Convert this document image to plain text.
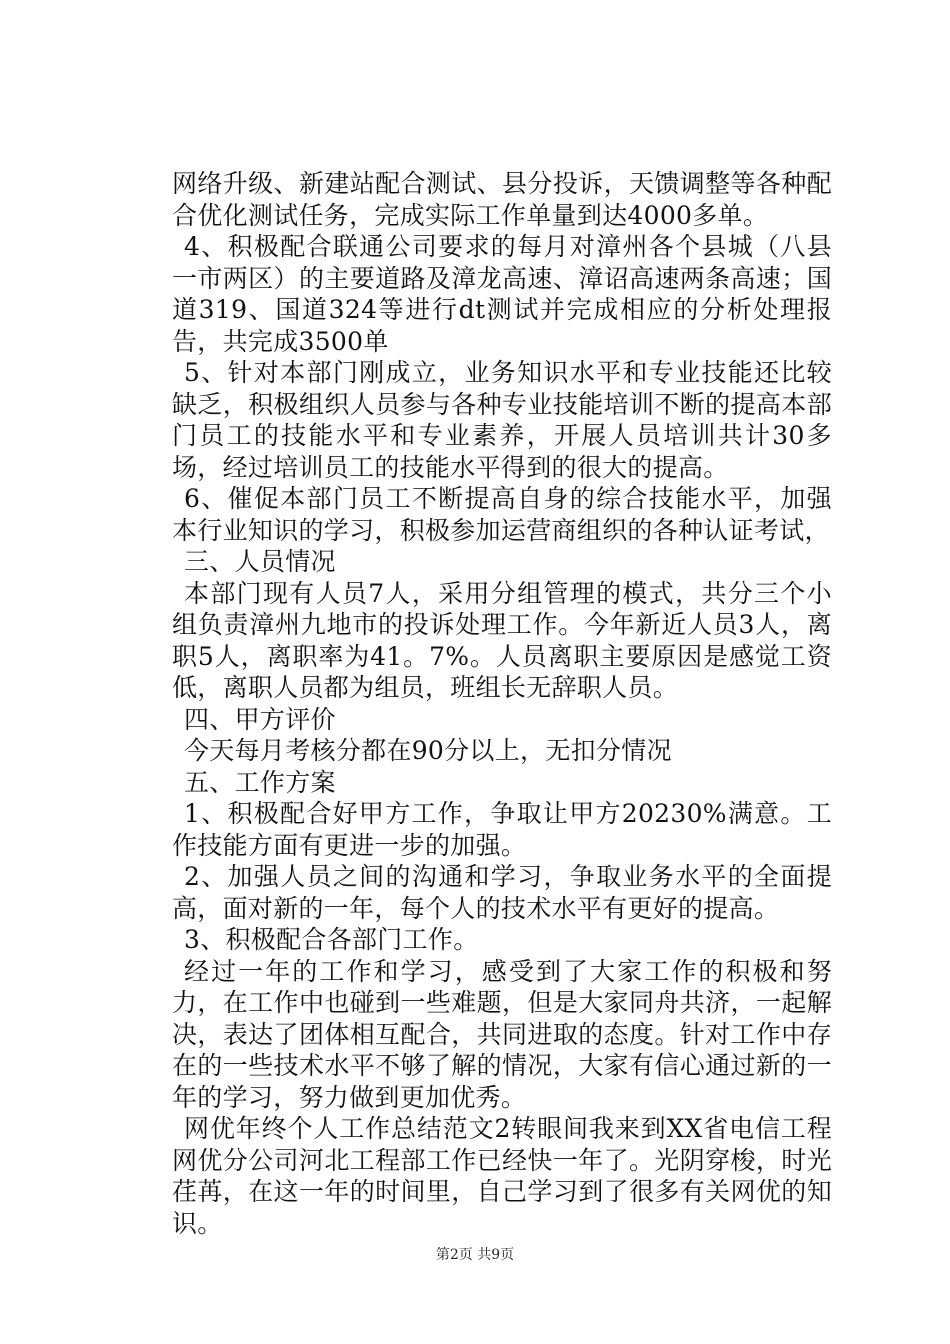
网络升级、新建站配合测试、县分投诉，天馈调整等各种配合优化测试任务，完成实际工作单量到达4000多单。

4、积极配合联通公司要求的每月对漳州各个县城（八县一市两区）的主要道路及漳龙高速、漳诏高速两条高速；国道319、国道324等进行dt测试并完成相应的分析处理报告，共完成3500单

5、针对本部门刚成立，业务知识水平和专业技能还比较缺乏，积极组织人员参与各种专业技能培训不断的提高本部门员工的技能水平和专业素养，开展人员培训共计30多场，经过培训员工的技能水平得到的很大的提高。

6、催促本部门员工不断提高自身的综合技能水平，加强本行业知识的学习，积极参加运营商组织的各种认证考试，

三、人员情况

本部门现有人员7人，采用分组管理的模式，共分三个小组负责漳州九地市的投诉处理工作。今年新近人员3人，离职5人，离职率为41。7%。人员离职主要原因是感觉工资低，离职人员都为组员，班组长无辞职人员。

四、甲方评价

今天每月考核分都在90分以上，无扣分情况

五、工作方案

1、积极配合好甲方工作，争取让甲方20230%满意。工作技能方面有更进一步的加强。

2、加强人员之间的沟通和学习，争取业务水平的全面提高，面对新的一年，每个人的技术水平有更好的提高。

3、积极配合各部门工作。

经过一年的工作和学习，感受到了大家工作的积极和努力，在工作中也碰到一些难题，但是大家同舟共济，一起解决，表达了团体相互配合，共同进取的态度。针对工作中存在的一些技术水平不够了解的情况，大家有信心通过新的一年的学习，努力做到更加优秀。

网优年终个人工作总结范文2转眼间我来到XX省电信工程网优分公司河北工程部工作已经快一年了。光阴穿梭，时光荏苒，在这一年的时间里，自己学习到了很多有关网优的知识。

第2页 共9页
